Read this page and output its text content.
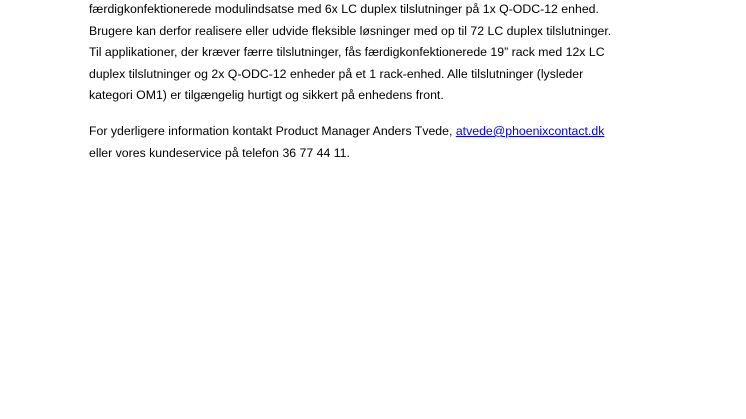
færdigkonfektionerede modulindsatse med 6x LC duplex tilslutninger på 1x Q-ODC-12 enhed.
Brugere kan derfor realisere eller udvide fleksible løsninger med op til 72 LC duplex tilslutninger.
Til applikationer, der kræver færre tilslutninger, fås færdigkonfektionerede 19” rack med 12x LC
duplex tilslutninger og 2x Q-ODC-12 enheder på et 1 rack-enhed. Alle tilslutninger (lysleder
kategori OM1) er tilgængelig hurtigt og sikkert på enhedens front.
For yderligere information kontakt Product Manager Anders Tvede, atvede@phoenixcontact.dk
eller vores kundeservice på telefon 36 77 44 11.
